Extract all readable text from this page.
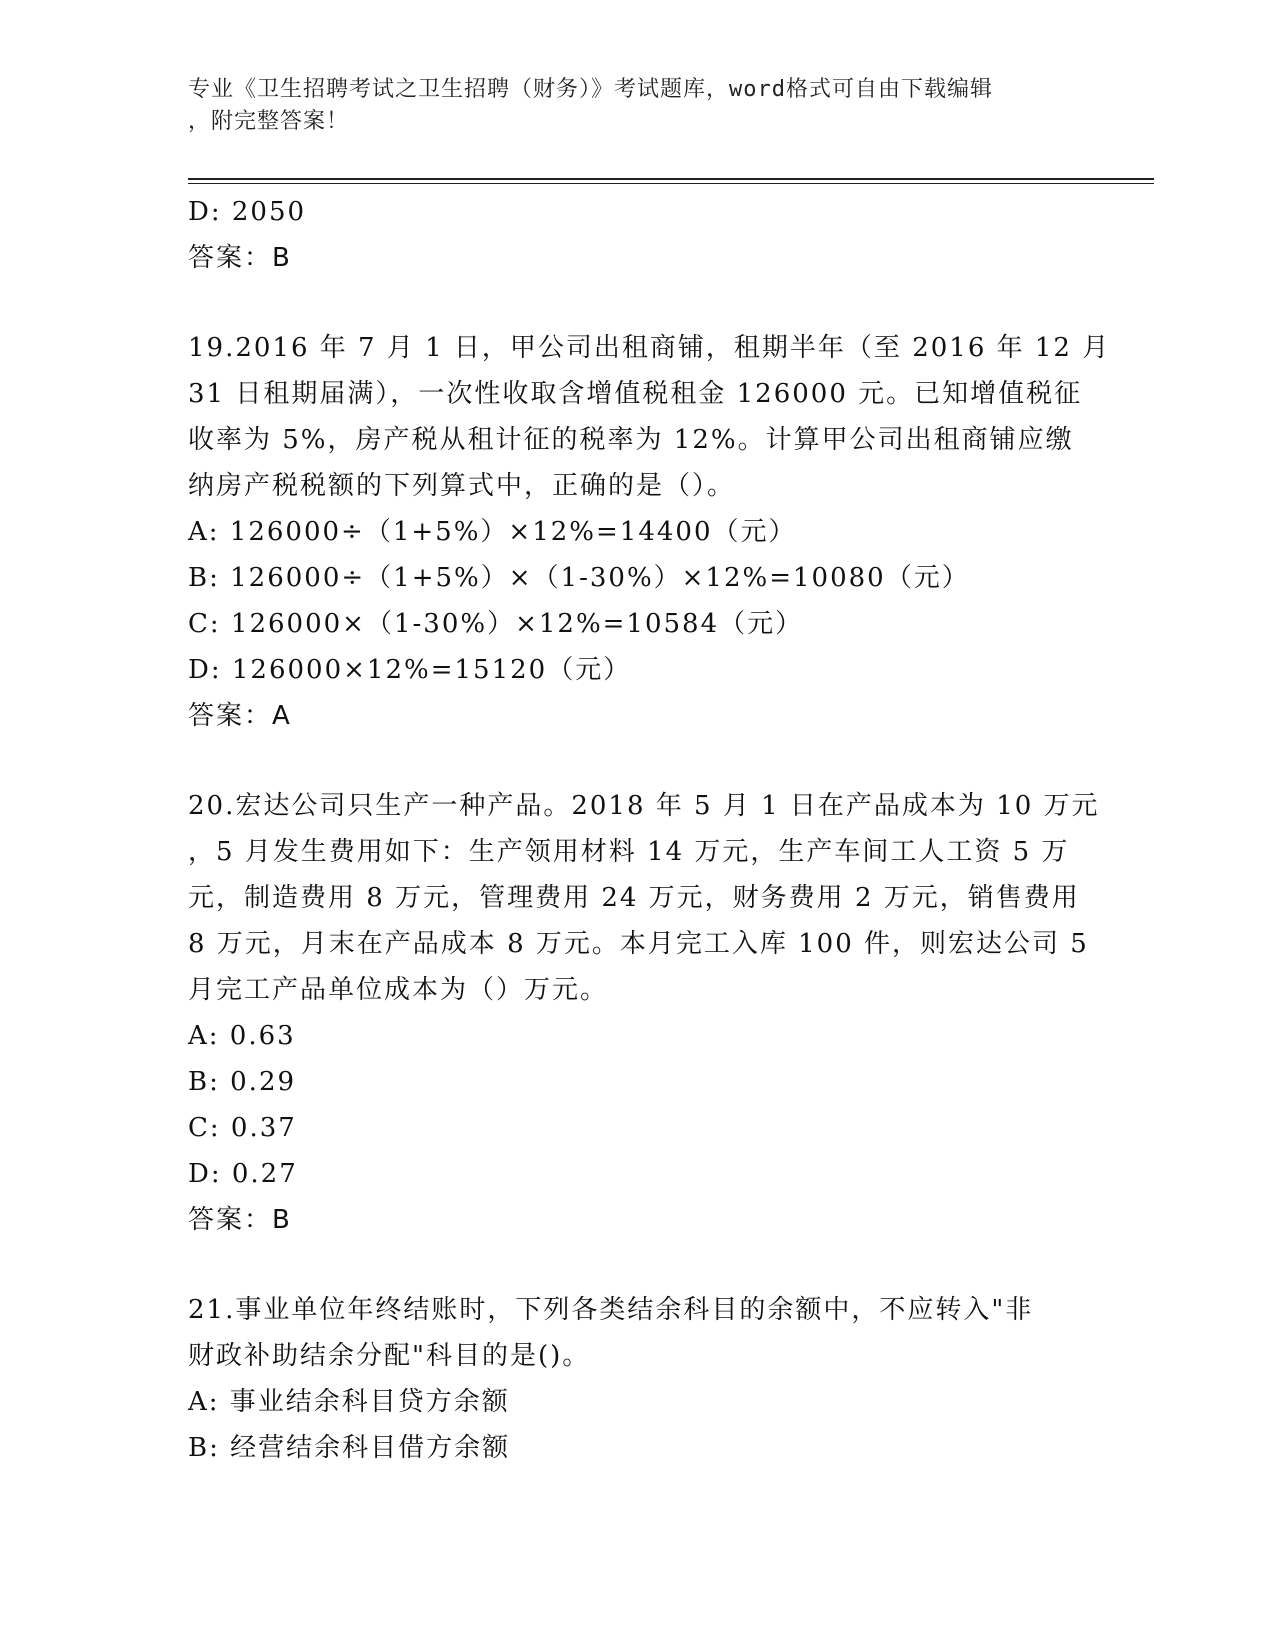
专业《卫生招聘考试之卫生招聘（财务）》考试题库，word格式可自由下载编辑
，附完整答案！
D: 2050
答案：B
19.2016 年 7 月 1 日，甲公司出租商铺，租期半年（至 2016 年 12 月
31 日租期届满），一次性收取含增值税租金 126000 元。已知增值税征
收率为 5%，房产税从租计征的税率为 12%。计算甲公司出租商铺应缴
纳房产税税额的下列算式中，正确的是（）。
A: 126000÷（1+5%）×12%=14400（元）
B: 126000÷（1+5%）×（1-30%）×12%=10080（元）
C: 126000×（1-30%）×12%=10584（元）
D: 126000×12%=15120（元）
答案：A
20.宏达公司只生产一种产品。2018 年 5 月 1 日在产品成本为 10 万元
，5 月发生费用如下：生产领用材料 14 万元，生产车间工人工资 5 万
元，制造费用 8 万元，管理费用 24 万元，财务费用 2 万元，销售费用
8 万元，月末在产品成本 8 万元。本月完工入库 100 件，则宏达公司 5
月完工产品单位成本为（）万元。
A: 0.63
B: 0.29
C: 0.37
D: 0.27
答案：B
21.事业单位年终结账时，下列各类结余科目的余额中，不应转入"非
财政补助结余分配"科目的是()。
A: 事业结余科目贷方余额
B: 经营结余科目借方余额
